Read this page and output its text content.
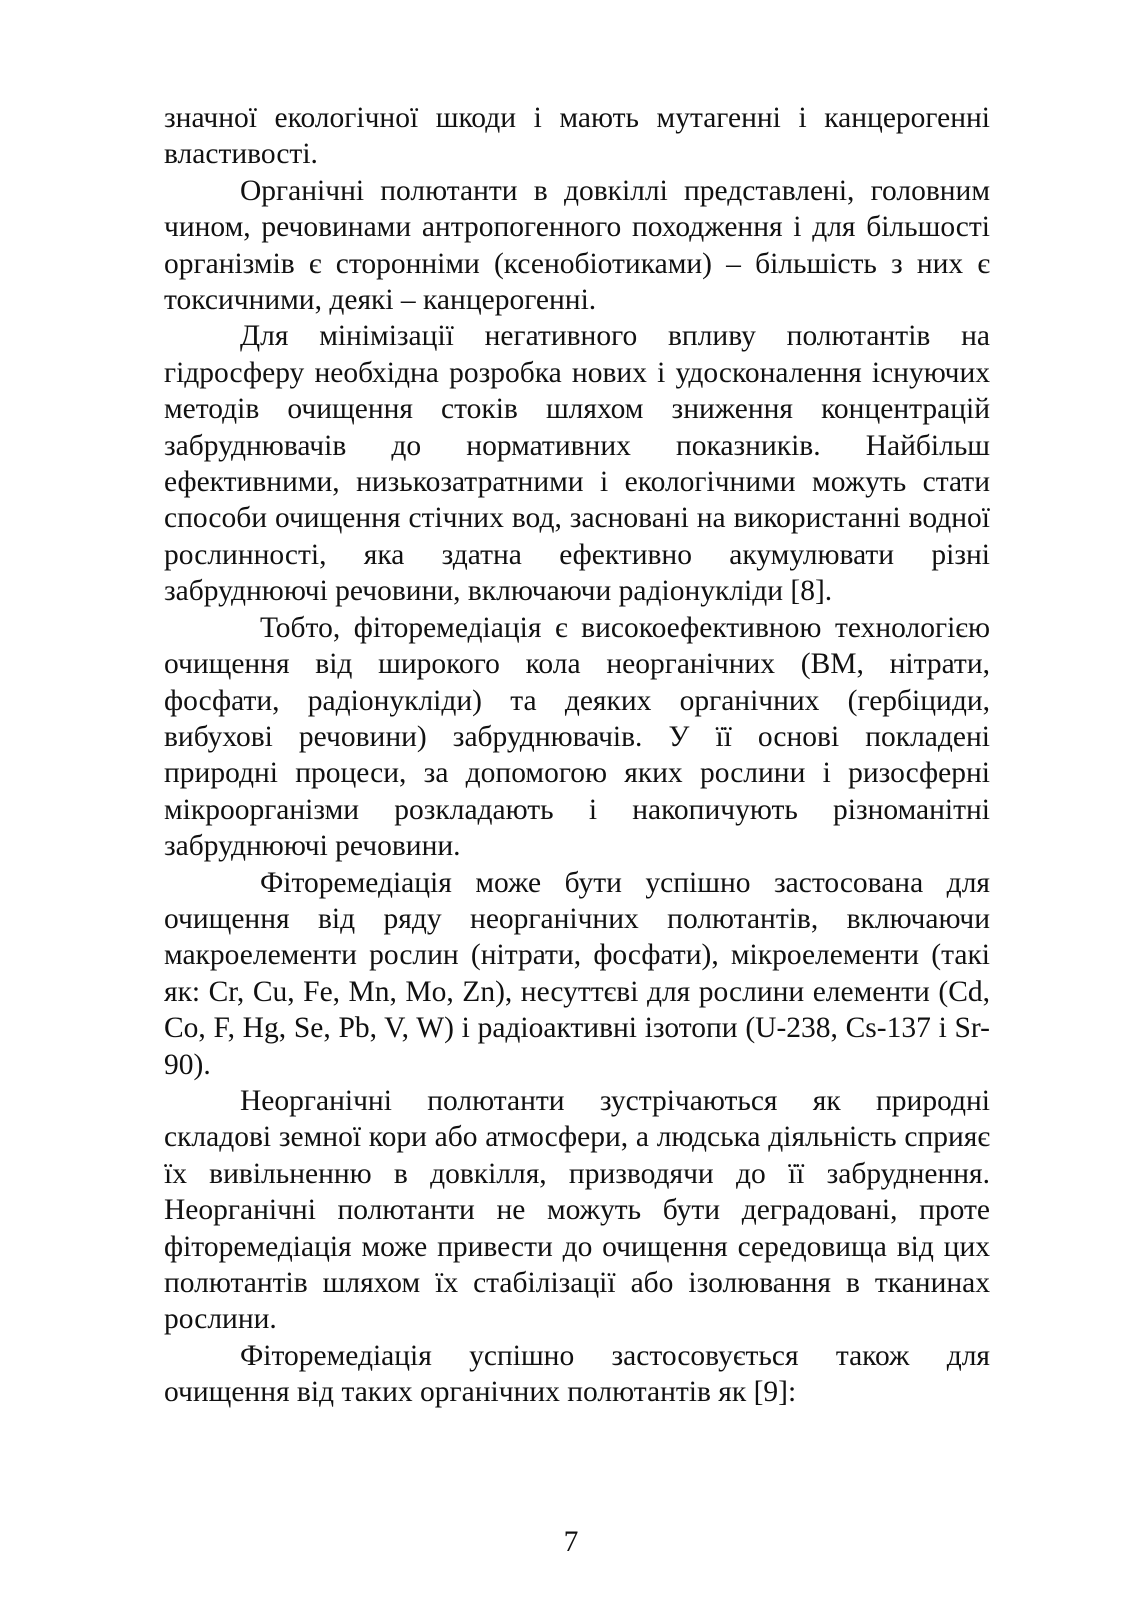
значної екологічної шкоди і мають мутагенні і канцерогенні властивості.

Органічні полютанти в довкіллі представлені, головним чином, речовинами антропогенного походження і для більшості організмів є сторонніми (ксенобіотиками) – більшість з них є токсичними, деякі – канцерогенні.

Для мінімізації негативного впливу полютантів на гідросферу необхідна розробка нових і удосконалення існуючих методів очищення стоків шляхом зниження концентрацій забруднювачів до нормативних показників. Найбільш ефективними, низькозатратними і екологічними можуть стати способи очищення стічних вод, засновані на використанні водної рослинності, яка здатна ефективно акумулювати різні забруднюючі речовини, включаючи радіонукліди [8].

Тобто, фіторемедіація є високоефективною технологією очищення від широкого кола неорганічних (ВМ, нітрати, фосфати, радіонукліди) та деяких органічних (гербіциди, вибухові речовини) забруднювачів. У її основі покладені природні процеси, за допомогою яких рослини і ризосферні мікроорганізми розкладають і накопичують різноманітні забруднюючі речовини.

Фіторемедіація може бути успішно застосована для очищення від ряду неорганічних полютантів, включаючи макроелементи рослин (нітрати, фосфати), мікроелементи (такі як: Cr, Cu, Fe, Mn, Mo, Zn), несуттєві для рослини елементи (Cd, Co, F, Hg, Se, Pb, V, W) і радіоактивні ізотопи (U-238, Cs-137 і Sr-90).

Неорганічні полютанти зустрічаються як природні складові земної кори або атмосфери, а людська діяльність сприяє їх вивільненню в довкілля, призводячи до її забруднення. Неорганічні полютанти не можуть бути деградовані, проте фіторемедіація може привести до очищення середовища від цих полютантів шляхом їх стабілізації або ізолювання в тканинах рослини.

Фіторемедіація успішно застосовується також для очищення від таких органічних полютантів як [9]:

7
